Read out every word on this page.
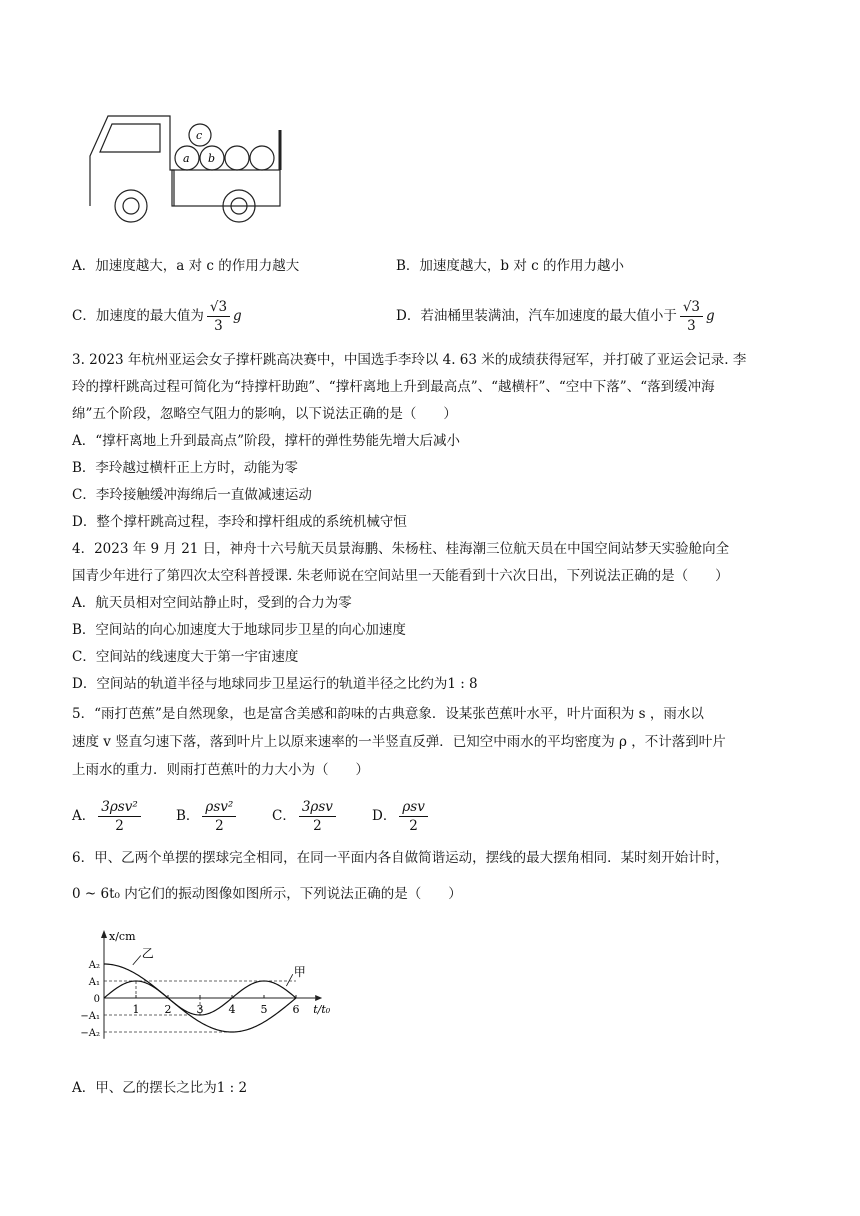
c
a b
A．加速度越大，a 对 c 的作用力越大	B．加速度越大，b 对 c 的作用力越小
C．加速度的最大值为 $\frac{√3}{3}$ g	D．若油桶里装满油，汽车加速度的最大值小于 $\frac{√3}{3}$ g
3. 2023 年杭州亚运会女子撑杆跳高决赛中，中国选手李玲以 4. 63 米的成绩获得冠军，并打破了亚运会记录. 李
玲的撑杆跳高过程可简化为“持撑杆助跑”、“撑杆离地上升到最高点”、“越横杆”、“空中下落”、“落到缓冲海
绵”五个阶段，忽略空气阻力的影响，以下说法正确的是（　　）
A．“撑杆离地上升到最高点”阶段，撑杆的弹性势能先增大后减小
B．李玲越过横杆正上方时，动能为零
C．李玲接触缓冲海绵后一直做减速运动
D．整个撑杆跳高过程，李玲和撑杆组成的系统机械守恒
4．2023 年 9 月 21 日，神舟十六号航天员景海鹏、朱杨柱、桂海潮三位航天员在中国空间站梦天实验舱向全
国青少年进行了第四次太空科普授课. 朱老师说在空间站里一天能看到十六次日出，下列说法正确的是（　　）
A．航天员相对空间站静止时，受到的合力为零
B．空间站的向心加速度大于地球同步卫星的向心加速度
C．空间站的线速度大于第一宇宙速度
D．空间站的轨道半径与地球同步卫星运行的轨道半径之比约为1 : 8
5．“雨打芭蕉”是自然现象，也是富含美感和韵味的古典意象．设某张芭蕉叶水平，叶片面积为 s ，雨水以
速度 v 竖直匀速下落，落到叶片上以原来速率的一半竖直反弹．已知空中雨水的平均密度为 ρ ，不计落到叶片
上雨水的重力．则雨打芭蕉叶的力大小为（　　）
A． $\frac{\text{3ρsv²}}{2}$	B． $\frac{\text{ρsv²}}{2}$	C． $\frac{\text{3ρsv}}{2}$	D． $\frac{\text{ρsv}}{2}$
6．甲、乙两个单摆的摆球完全相同，在同一平面内各自做简谐运动，摆线的最大摆角相同．某时刻开始计时，
0 ~ 6t₀ 内它们的振动图像如图所示，下列说法正确的是（　　）
x/cm
t/t₀
A₂
A₁
0
−A₁
−A₂
1 2 3 4 5 6
乙
甲
A．甲、乙的摆长之比为1 : 2
